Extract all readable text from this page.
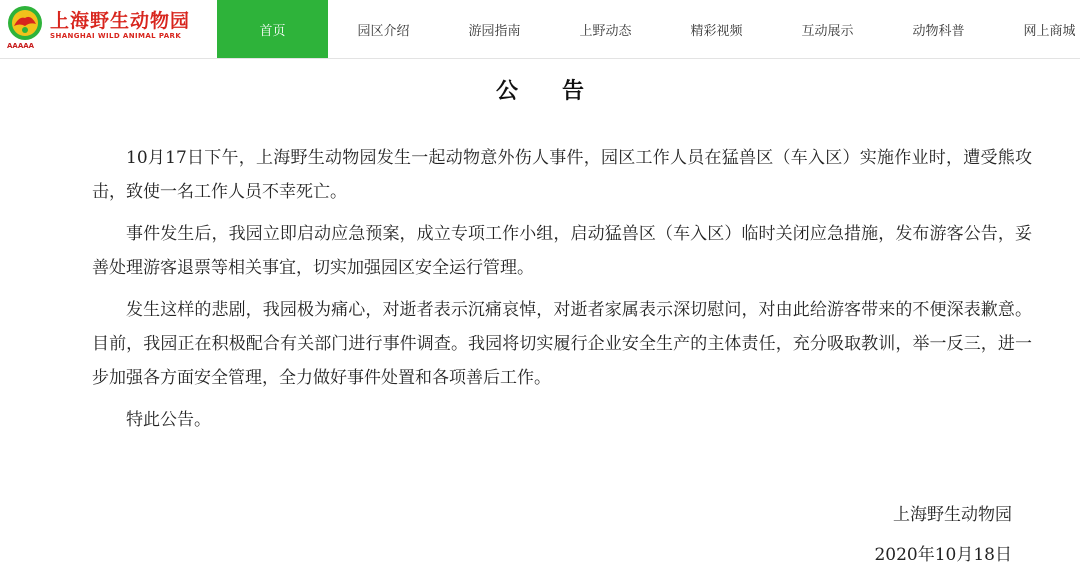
AAAAA
上海野生动物园
SHANGHAI WILD ANIMAL PARK	首页	园区介绍	游园指南	上野动态	精彩视频	互动展示	动物科普	网上商城
公告

10月17日下午，上海野生动物园发生一起动物意外伤人事件，园区工作人员在猛兽区（车入区）实施作业时，遭受熊攻击，致使一名工作人员不幸死亡。

事件发生后，我园立即启动应急预案，成立专项工作小组，启动猛兽区（车入区）临时关闭应急措施，发布游客公告，妥善处理游客退票等相关事宜，切实加强园区安全运行管理。

发生这样的悲剧，我园极为痛心，对逝者表示沉痛哀悼，对逝者家属表示深切慰问，对由此给游客带来的不便深表歉意。目前，我园正在积极配合有关部门进行事件调查。我园将切实履行企业安全生产的主体责任，充分吸取教训，举一反三，进一步加强各方面安全管理，全力做好事件处置和各项善后工作。

特此公告。

上海野生动物园
2020年10月18日
